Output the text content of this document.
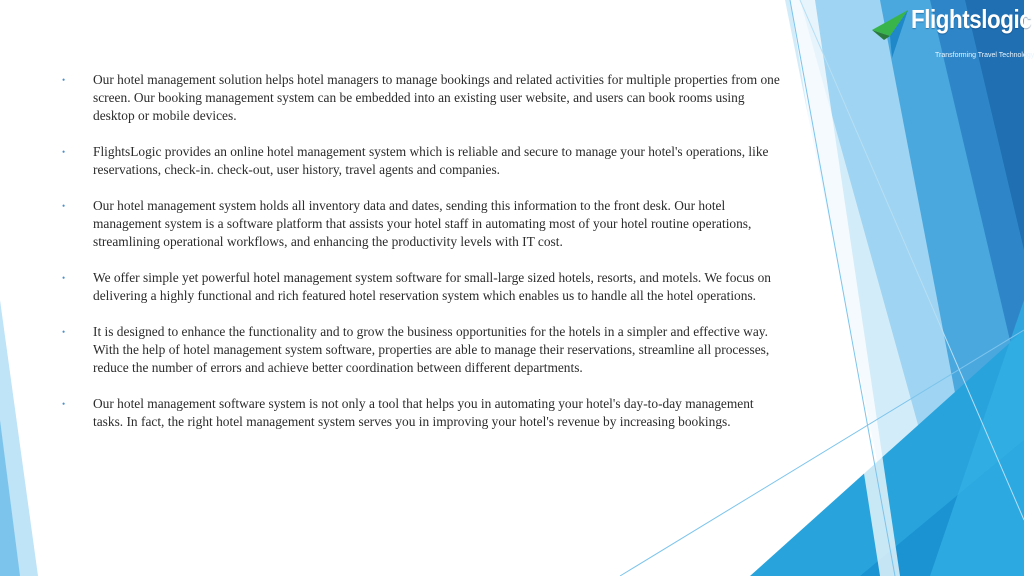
Flightslogic
Transforming Travel Technology
• Our hotel management solution helps hotel managers to manage bookings and related activities for multiple properties from one screen. Our booking management system can be embedded into an existing user website, and users can book rooms using desktop or mobile devices.
• FlightsLogic provides an online hotel management system which is reliable and secure to manage your hotel's operations, like reservations, check-in. check-out, user history, travel agents and companies.
• Our hotel management system holds all inventory data and dates, sending this information to the front desk. Our hotel management system is a software platform that assists your hotel staff in automating most of your hotel routine operations, streamlining operational workflows, and enhancing the productivity levels with IT cost.
• We offer simple yet powerful hotel management system software for small-large sized hotels, resorts, and motels. We focus on delivering a highly functional and rich featured hotel reservation system which enables us to handle all the hotel operations.
• It is designed to enhance the functionality and to grow the business opportunities for the hotels in a simpler and effective way. With the help of hotel management system software, properties are able to manage their reservations, streamline all processes, reduce the number of errors and achieve better coordination between different departments.
• Our hotel management software system is not only a tool that helps you in automating your hotel's day-to-day management tasks. In fact, the right hotel management system serves you in improving your hotel's revenue by increasing bookings.
